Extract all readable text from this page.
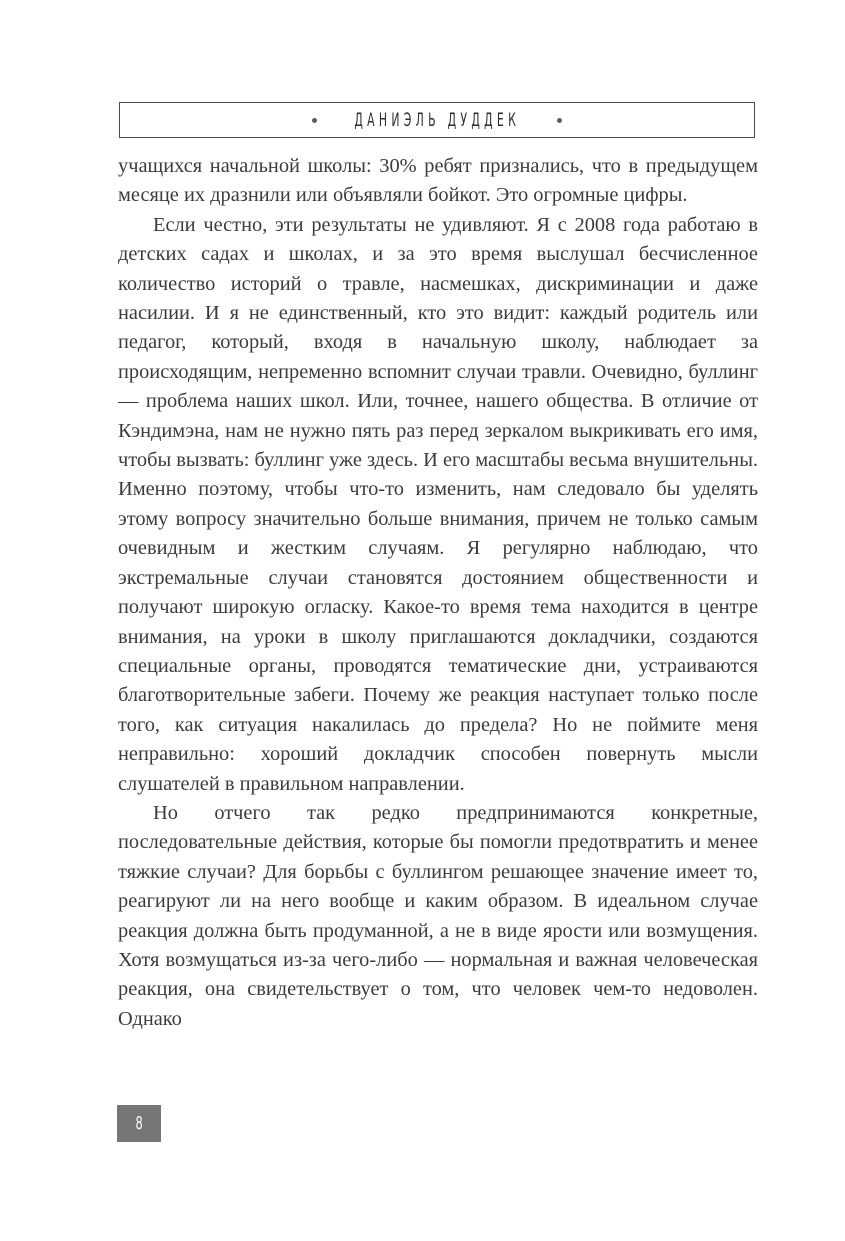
ДАНИЭЛЬ ДУДДЕК

учащихся начальной школы: 30% ребят признались, что в предыдущем месяце их дразнили или объявляли бойкот. Это огромные цифры.

Если честно, эти результаты не удивляют. Я с 2008 года работаю в детских садах и школах, и за это время выслушал бесчисленное количество историй о травле, насмешках, дискриминации и даже насилии. И я не единственный, кто это видит: каждый родитель или педагог, который, входя в начальную школу, наблюдает за происходящим, непременно вспомнит случаи травли. Очевидно, буллинг — проблема наших школ. Или, точнее, нашего общества. В отличие от Кэндимэна, нам не нужно пять раз перед зеркалом выкрикивать его имя, чтобы вызвать: буллинг уже здесь. И его масштабы весьма внушительны. Именно поэтому, чтобы что-то изменить, нам следовало бы уделять этому вопросу значительно больше внимания, причем не только самым очевидным и жестким случаям. Я регулярно наблюдаю, что экстремальные случаи становятся достоянием общественности и получают широкую огласку. Какое-то время тема находится в центре внимания, на уроки в школу приглашаются докладчики, создаются специальные органы, проводятся тематические дни, устраиваются благотворительные забеги. Почему же реакция наступает только после того, как ситуация накалилась до предела? Но не поймите меня неправильно: хороший докладчик способен повернуть мысли слушателей в правильном направлении.

Но отчего так редко предпринимаются конкретные, последовательные действия, которые бы помогли предотвратить и менее тяжкие случаи? Для борьбы с буллингом решающее значение имеет то, реагируют ли на него вообще и каким образом. В идеальном случае реакция должна быть продуманной, а не в виде ярости или возмущения. Хотя возмущаться из-за чего-либо — нормальная и важная человеческая реакция, она свидетельствует о том, что человек чем-то недоволен. Однако

8
